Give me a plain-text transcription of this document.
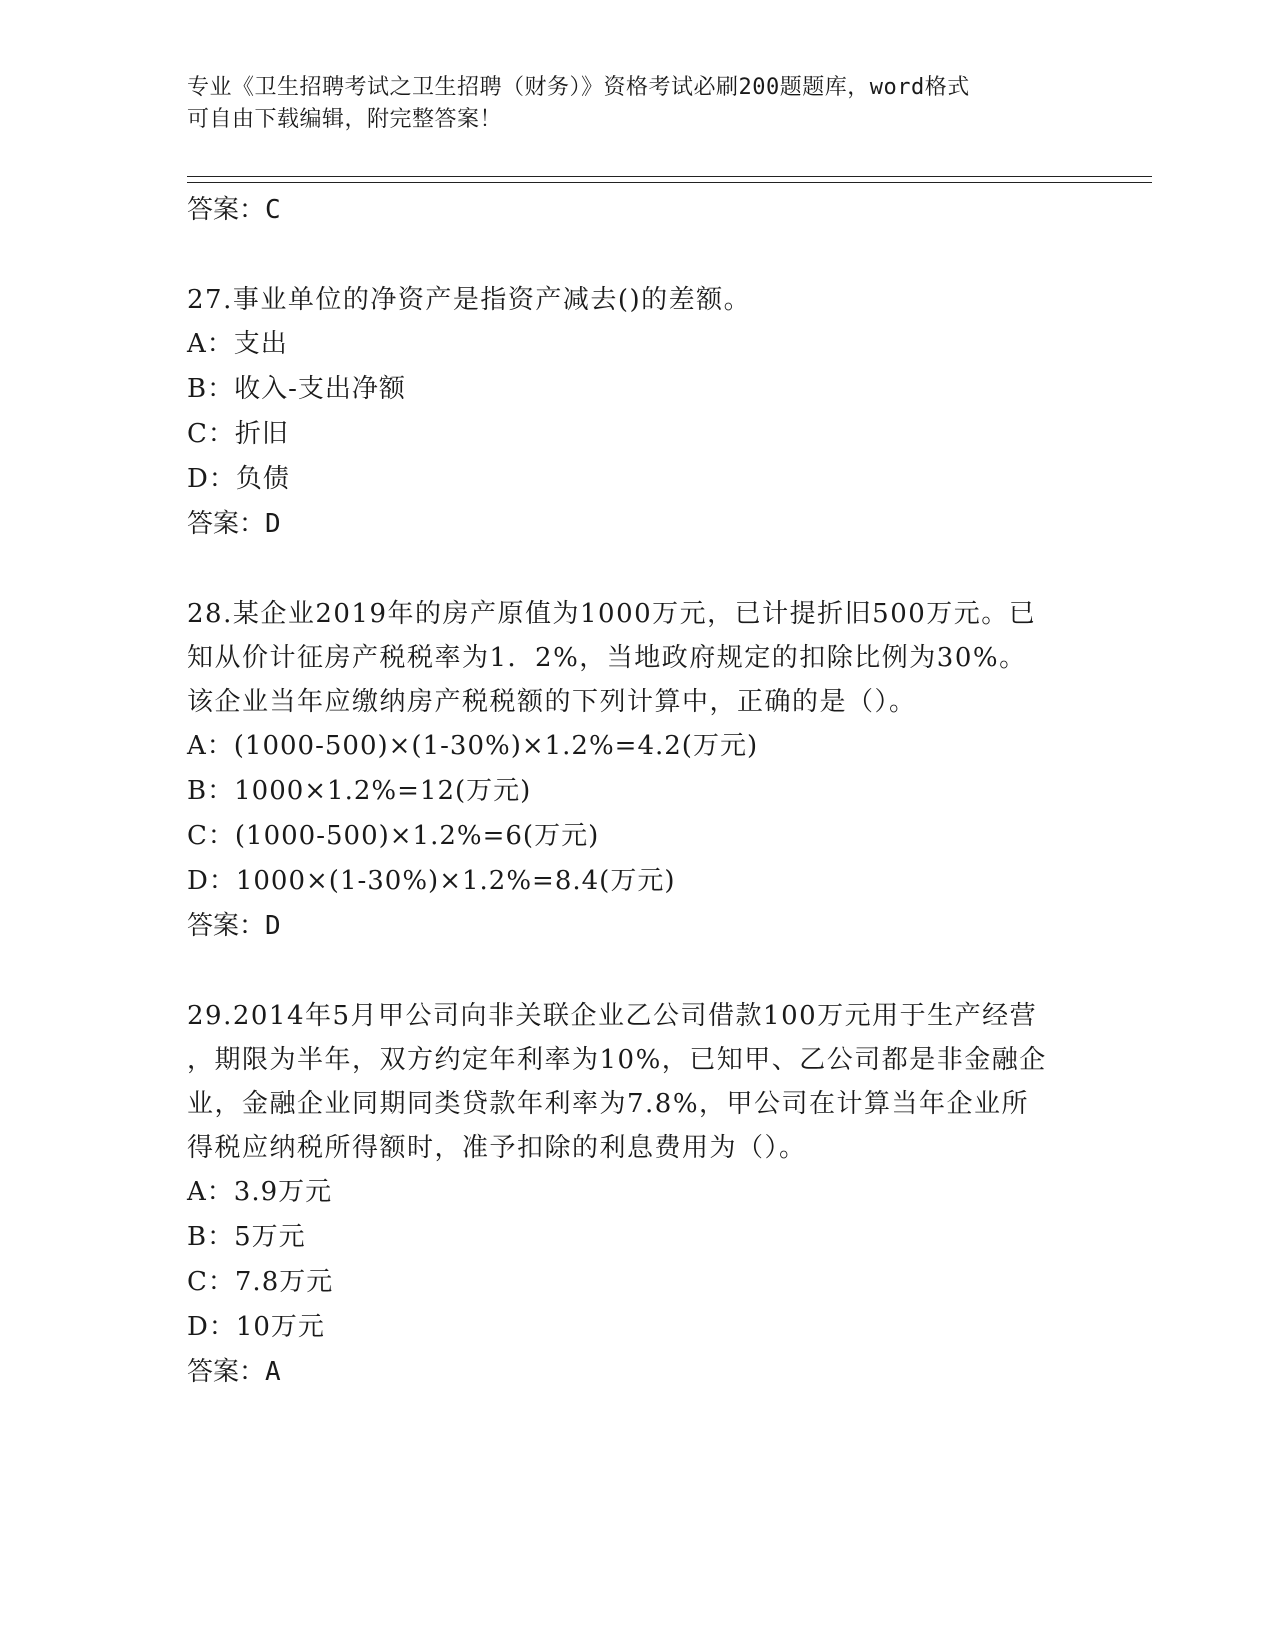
专业《卫生招聘考试之卫生招聘（财务）》资格考试必刷200题题库，word格式
可自由下载编辑，附完整答案！
答案：C
27.事业单位的净资产是指资产减去()的差额。
A：支出
B：收入-支出净额
C：折旧
D：负债
答案：D
28.某企业2019年的房产原值为1000万元，已计提折旧500万元。已
知从价计征房产税税率为1．2%，当地政府规定的扣除比例为30%。
该企业当年应缴纳房产税税额的下列计算中，正确的是（）。
A：(1000-500)×(1-30%)×1.2%=4.2(万元)
B：1000×1.2%=12(万元)
C：(1000-500)×1.2%=6(万元)
D：1000×(1-30%)×1.2%=8.4(万元)
答案：D
29.2014年5月甲公司向非关联企业乙公司借款100万元用于生产经营
，期限为半年，双方约定年利率为10%，已知甲、乙公司都是非金融企
业，金融企业同期同类贷款年利率为7.8%，甲公司在计算当年企业所
得税应纳税所得额时，准予扣除的利息费用为（）。
A：3.9万元
B：5万元
C：7.8万元
D：10万元
答案：A
